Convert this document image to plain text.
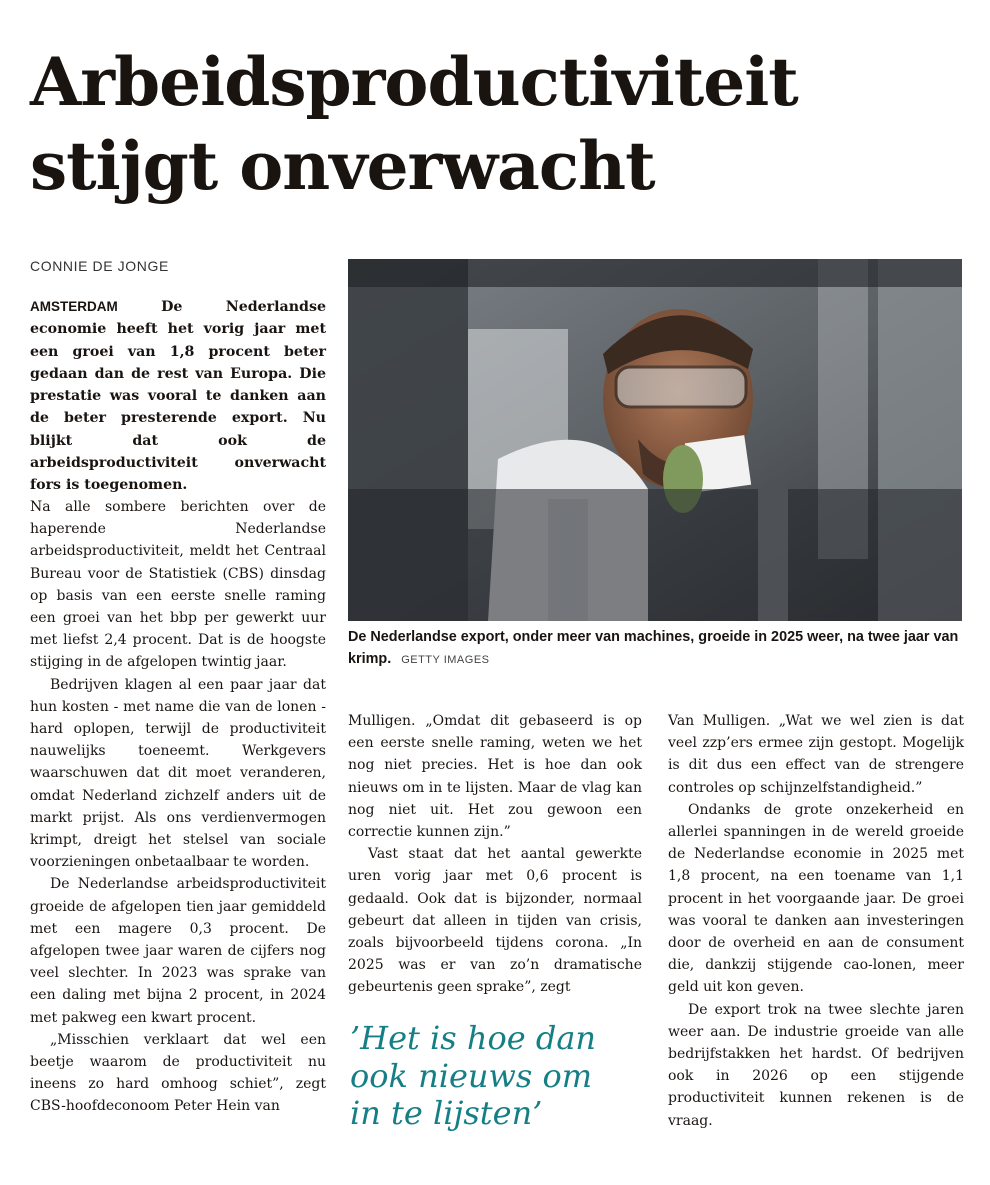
Arbeidsproductiviteit
stijgt onverwacht
CONNIE DE JONGE

AMSTERDAM	De Nederlandse economie heeft het vorig jaar met een groei van 1,8 procent beter gedaan dan de rest van Europa. Die prestatie was vooral te danken aan de beter presterende export. Nu blijkt dat ook de arbeidsproductiviteit onverwacht fors is toegenomen.

Na alle sombere berichten over de haperende Nederlandse arbeidsproductiviteit, meldt het Centraal Bureau voor de Statistiek (CBS) dinsdag op basis van een eerste snelle raming een groei van het bbp per gewerkt uur met liefst 2,4 procent. Dat is de hoogste stijging in de afgelopen twintig jaar.

Bedrijven klagen al een paar jaar dat hun kosten - met name die van de lonen - hard oplopen, terwijl de productiviteit nauwelijks toeneemt. Werkgevers waarschuwen dat dit moet veranderen, omdat Nederland zichzelf anders uit de markt prijst. Als ons verdienvermogen krimpt, dreigt het stelsel van sociale voorzieningen onbetaalbaar te worden.

De Nederlandse arbeidsproductiviteit groeide de afgelopen tien jaar gemiddeld met een magere 0,3 procent. De afgelopen twee jaar waren de cijfers nog veel slechter. In 2023 was sprake van een daling met bijna 2 procent, in 2024 met pakweg een kwart procent.

„Misschien verklaart dat wel een beetje waarom de productiviteit nu ineens zo hard omhoog schiet”, zegt CBS-hoofdeconoom Peter Hein van

De Nederlandse export, onder meer van machines, groeide in 2025 weer, na twee jaar van krimp. GETTY IMAGES

Mulligen. „Omdat dit gebaseerd is op een eerste snelle raming, weten we het nog niet precies. Het is hoe dan ook nieuws om in te lijsten. Maar de vlag kan nog niet uit. Het zou gewoon een correctie kunnen zijn.”

Vast staat dat het aantal gewerkte uren vorig jaar met 0,6 procent is gedaald. Ook dat is bijzonder, normaal gebeurt dat alleen in tijden van crisis, zoals bijvoorbeeld tijdens corona. „In 2025 was er van zo’n dramatische gebeurtenis geen sprake”, zegt

’Het is hoe dan ook nieuws om in te lijsten’

Van Mulligen. „Wat we wel zien is dat veel zzp’ers ermee zijn gestopt. Mogelijk is dit dus een effect van de strengere controles op schijnzelfstandigheid.”

Ondanks de grote onzekerheid en allerlei spanningen in de wereld groeide de Nederlandse economie in 2025 met 1,8 procent, na een toename van 1,1 procent in het voorgaande jaar. De groei was vooral te danken aan investeringen door de overheid en aan de consument die, dankzij stijgende cao-lonen, meer geld uit kon geven.

De export trok na twee slechte jaren weer aan. De industrie groeide van alle bedrijfstakken het hardst. Of bedrijven ook in 2026 op een stijgende productiviteit kunnen rekenen is de vraag.
